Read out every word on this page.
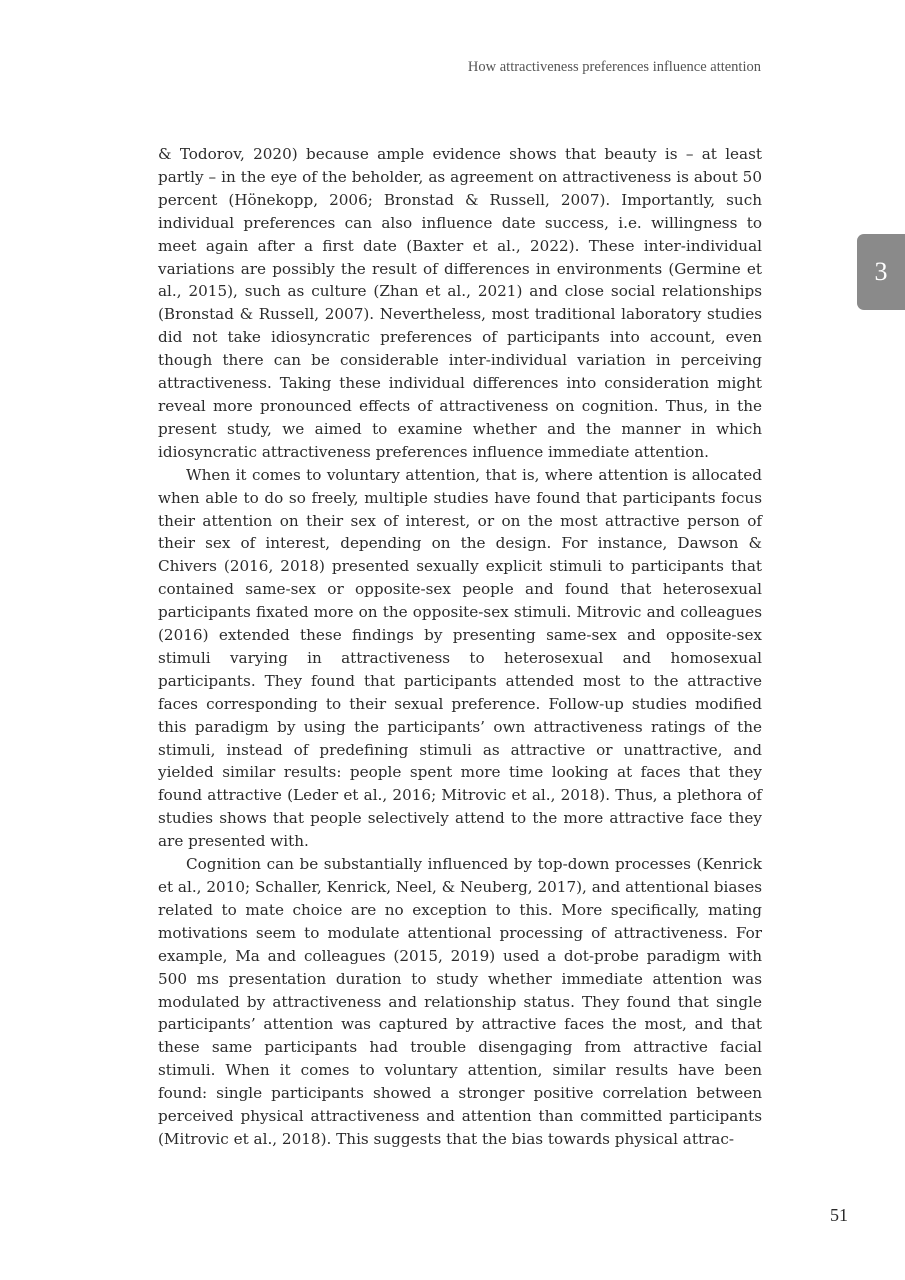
How attractiveness preferences influence attention
3

& Todorov, 2020) because ample evidence shows that beauty is – at least partly – in the eye of the beholder, as agreement on attractiveness is about 50 percent (Hönekopp, 2006; Bronstad & Russell, 2007). Importantly, such individual preferences can also influence date success, i.e. willingness to meet again after a first date (Baxter et al., 2022). These inter-individual variations are possibly the result of differences in environments (Germine et al., 2015), such as culture (Zhan et al., 2021) and close social relationships (Bronstad & Russell, 2007). Nevertheless, most traditional laboratory studies did not take idiosyncratic preferences of participants into account, even though there can be considerable inter-individual variation in perceiving attractiveness. Taking these individual differences into consideration might reveal more pronounced effects of attractiveness on cognition. Thus, in the present study, we aimed to examine whether and the manner in which idiosyncratic attractiveness preferences influence immediate attention.

When it comes to voluntary attention, that is, where attention is allocated when able to do so freely, multiple studies have found that participants focus their attention on their sex of interest, or on the most attractive person of their sex of interest, depending on the design. For instance, Dawson & Chivers (2016, 2018) presented sexually explicit stimuli to participants that contained same-sex or opposite-sex people and found that heterosexual participants fixated more on the opposite-sex stimuli. Mitrovic and colleagues (2016) extended these findings by presenting same-sex and opposite-sex stimuli varying in attractiveness to heterosexual and homosexual participants. They found that participants attended most to the attractive faces corresponding to their sexual preference. Follow-up studies modified this paradigm by using the participants’ own attractiveness ratings of the stimuli, instead of predefining stimuli as attractive or unattractive, and yielded similar results: people spent more time looking at faces that they found attractive (Leder et al., 2016; Mitrovic et al., 2018). Thus, a plethora of studies shows that people selectively attend to the more attractive face they are presented with.

Cognition can be substantially influenced by top-down processes (Kenrick et al., 2010; Schaller, Kenrick, Neel, & Neuberg, 2017), and attentional biases related to mate choice are no exception to this. More specifically, mating motivations seem to modulate attentional processing of attractiveness. For example, Ma and colleagues (2015, 2019) used a dot-probe paradigm with 500 ms presentation duration to study whether immediate attention was modulated by attractiveness and relationship status. They found that single participants’ attention was captured by attractive faces the most, and that these same participants had trouble disengaging from attractive facial stimuli. When it comes to voluntary attention, similar results have been found: single participants showed a stronger positive correlation between perceived physical attractiveness and attention than committed participants (Mitrovic et al., 2018). This suggests that the bias towards physical attrac-

51
